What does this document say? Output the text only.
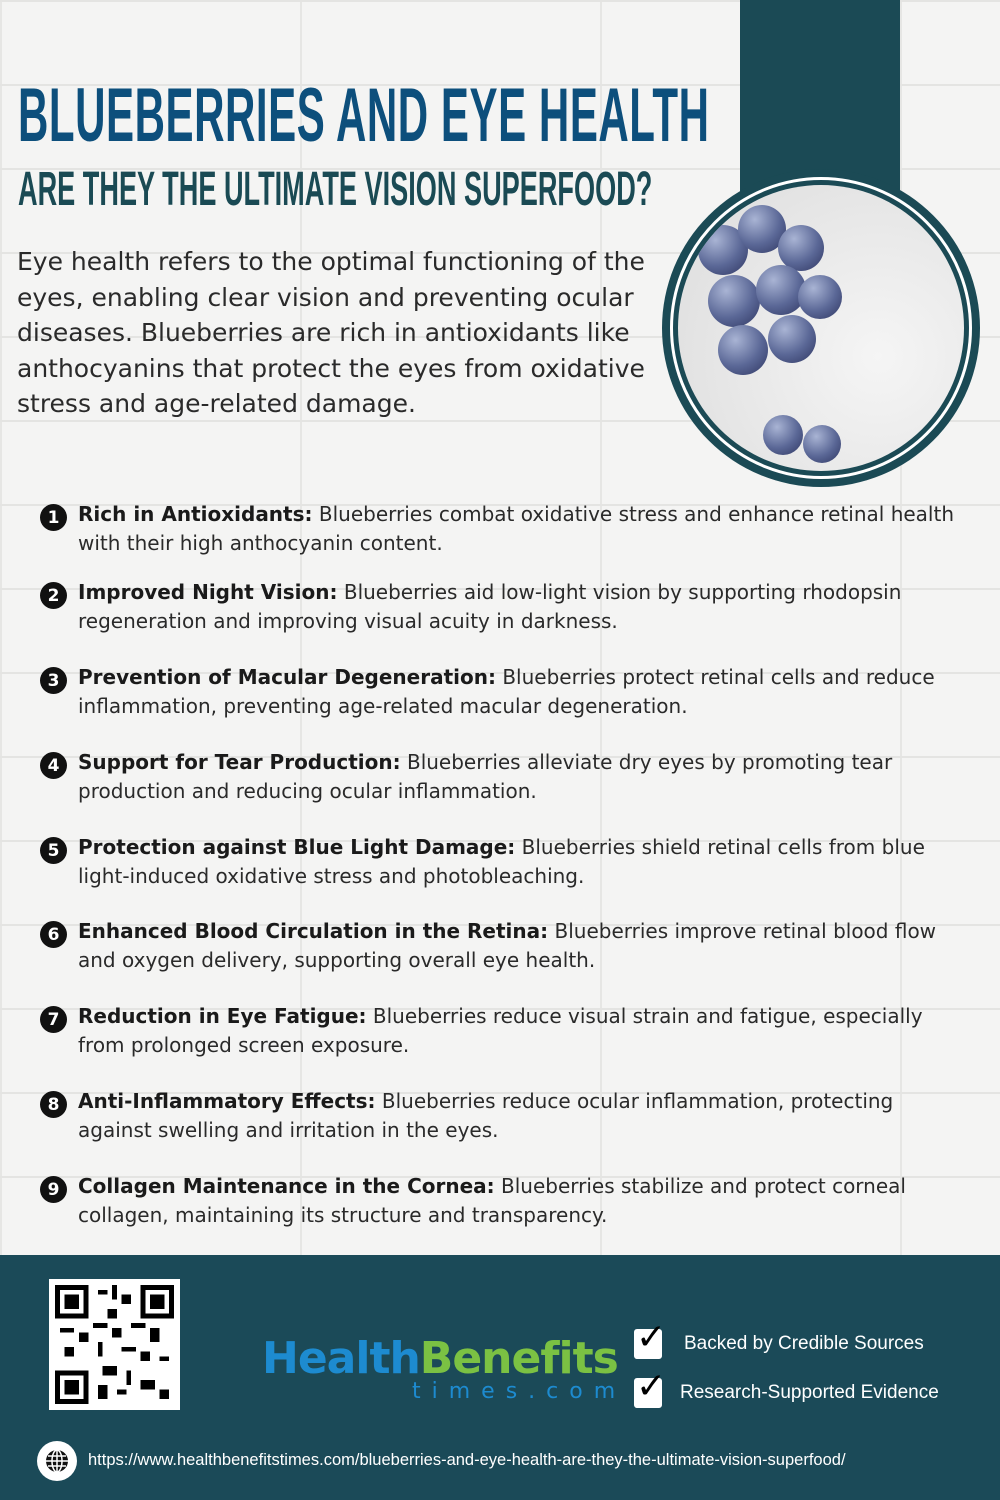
BLUEBERRIES AND EYE HEALTH
ARE THEY THE ULTIMATE VISION SUPERFOOD?

Eye health refers to the optimal functioning of the eyes, enabling clear vision and preventing ocular diseases. Blueberries are rich in antioxidants like anthocyanins that protect the eyes from oxidative stress and age-related damage.

1 Rich in Antioxidants: Blueberries combat oxidative stress and enhance retinal health with their high anthocyanin content.

2 Improved Night Vision: Blueberries aid low-light vision by supporting rhodopsin regeneration and improving visual acuity in darkness.

3 Prevention of Macular Degeneration: Blueberries protect retinal cells and reduce inflammation, preventing age-related macular degeneration.

4 Support for Tear Production: Blueberries alleviate dry eyes by promoting tear production and reducing ocular inflammation.

5 Protection against Blue Light Damage: Blueberries shield retinal cells from blue light-induced oxidative stress and photobleaching.

6 Enhanced Blood Circulation in the Retina: Blueberries improve retinal blood flow and oxygen delivery, supporting overall eye health.

7 Reduction in Eye Fatigue: Blueberries reduce visual strain and fatigue, especially from prolonged screen exposure.

8 Anti-Inflammatory Effects: Blueberries reduce ocular inflammation, protecting against swelling and irritation in the eyes.

9 Collagen Maintenance in the Cornea: Blueberries stabilize and protect corneal collagen, maintaining its structure and transparency.

HealthBenefits
times.com
✓ Backed by Credible Sources
✓ Research-Supported Evidence
https://www.healthbenefitstimes.com/blueberries-and-eye-health-are-they-the-ultimate-vision-superfood/
